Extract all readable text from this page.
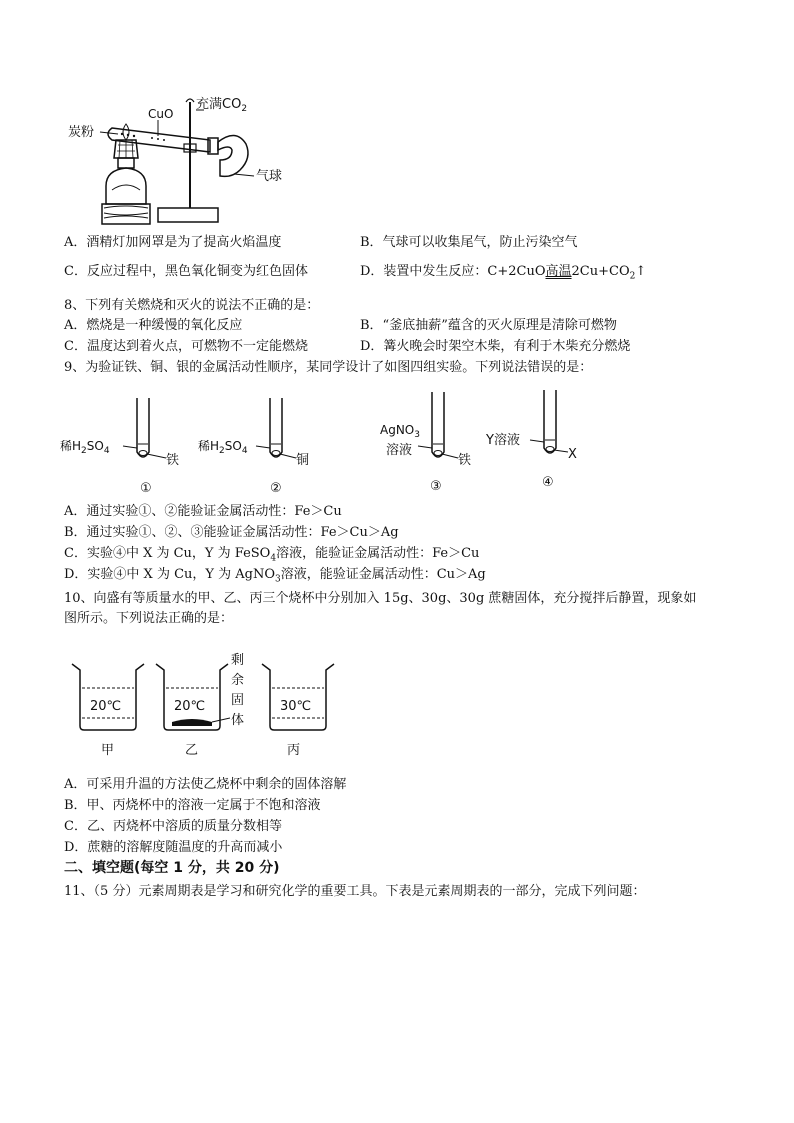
炭粉
CuO
充满$CO_2$
气球
A．酒精灯加网罩是为了提高火焰温度	B．气球可以收集尾气，防止污染空气
C．反应过程中，黑色氧化铜变为红色固体	D．装置中发生反应：C+2CuO高温$2Cu+CO_2↑$
8、下列有关燃烧和灭火的说法不正确的是：
A．燃烧是一种缓慢的氧化反应	B．“釜底抽薪”蕴含的灭火原理是清除可燃物
C．温度达到着火点，可燃物不一定能燃烧	D．篝火晚会时架空木柴，有利于木柴充分燃烧
9、为验证铁、铜、银的金属活动性顺序，某同学设计了如图四组实验。下列说法错误的是：
稀$H_2SO_4$
铁
①
稀$H_2SO_4$
铜
②
AgNO$_3$
溶液
铁
③
Y溶液
X
④
A．通过实验①、②能验证金属活动性：Fe＞Cu
B．通过实验①、②、③能验证金属活动性：Fe＞Cu＞Ag
C．实验④中 X 为 Cu，Y 为 FeSO$_4$溶液，能验证金属活动性：Fe＞Cu
D．实验④中 X 为 Cu，Y 为 AgNO$_3$溶液，能验证金属活动性：Cu＞Ag
10、向盛有等质量水的甲、乙、丙三个烧杯中分别加入 15g、30g、30g 蔗糖固体，充分搅拌后静置，现象如
图所示。下列说法正确的是：
20℃
甲
20℃
乙
剩
余
固
体
30℃
丙
A．可采用升温的方法使乙烧杯中剩余的固体溶解
B．甲、丙烧杯中的溶液一定属于不饱和溶液
C．乙、丙烧杯中溶质的质量分数相等
D．蔗糖的溶解度随温度的升高而减小
二、填空题(每空 1 分，共 20 分)
11、（5 分）元素周期表是学习和研究化学的重要工具。下表是元素周期表的一部分，完成下列问题：
